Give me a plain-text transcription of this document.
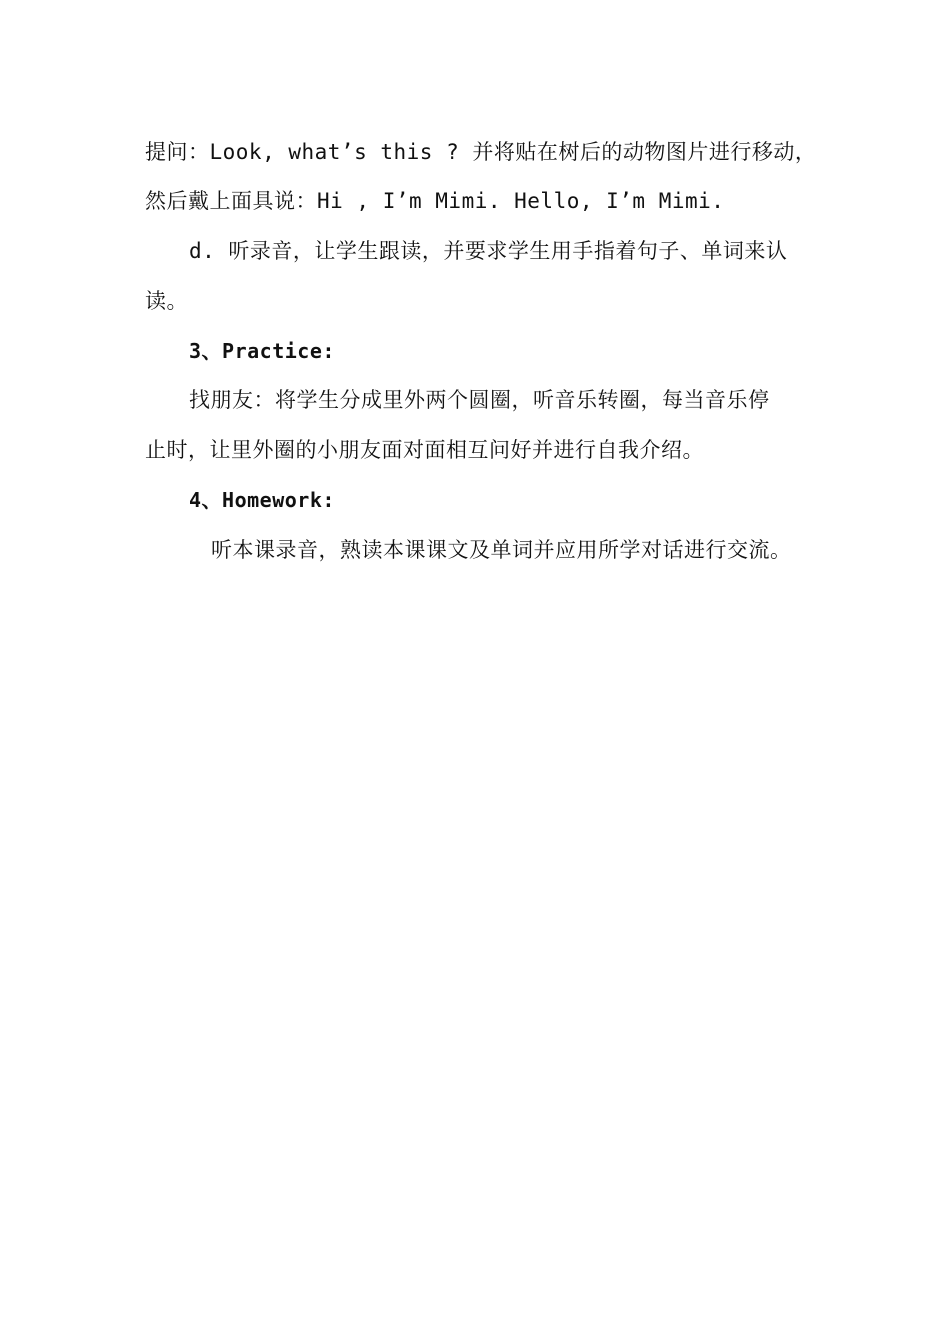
提问：Look, what’s this ? 并将贴在树后的动物图片进行移动，
然后戴上面具说：Hi , I’m Mimi. Hello, I’m Mimi.
d. 听录音，让学生跟读，并要求学生用手指着句子、单词来认
读。
3、Practice:
找朋友：将学生分成里外两个圆圈，听音乐转圈，每当音乐停
止时，让里外圈的小朋友面对面相互问好并进行自我介绍。
4、Homework:
听本课录音，熟读本课课文及单词并应用所学对话进行交流。
